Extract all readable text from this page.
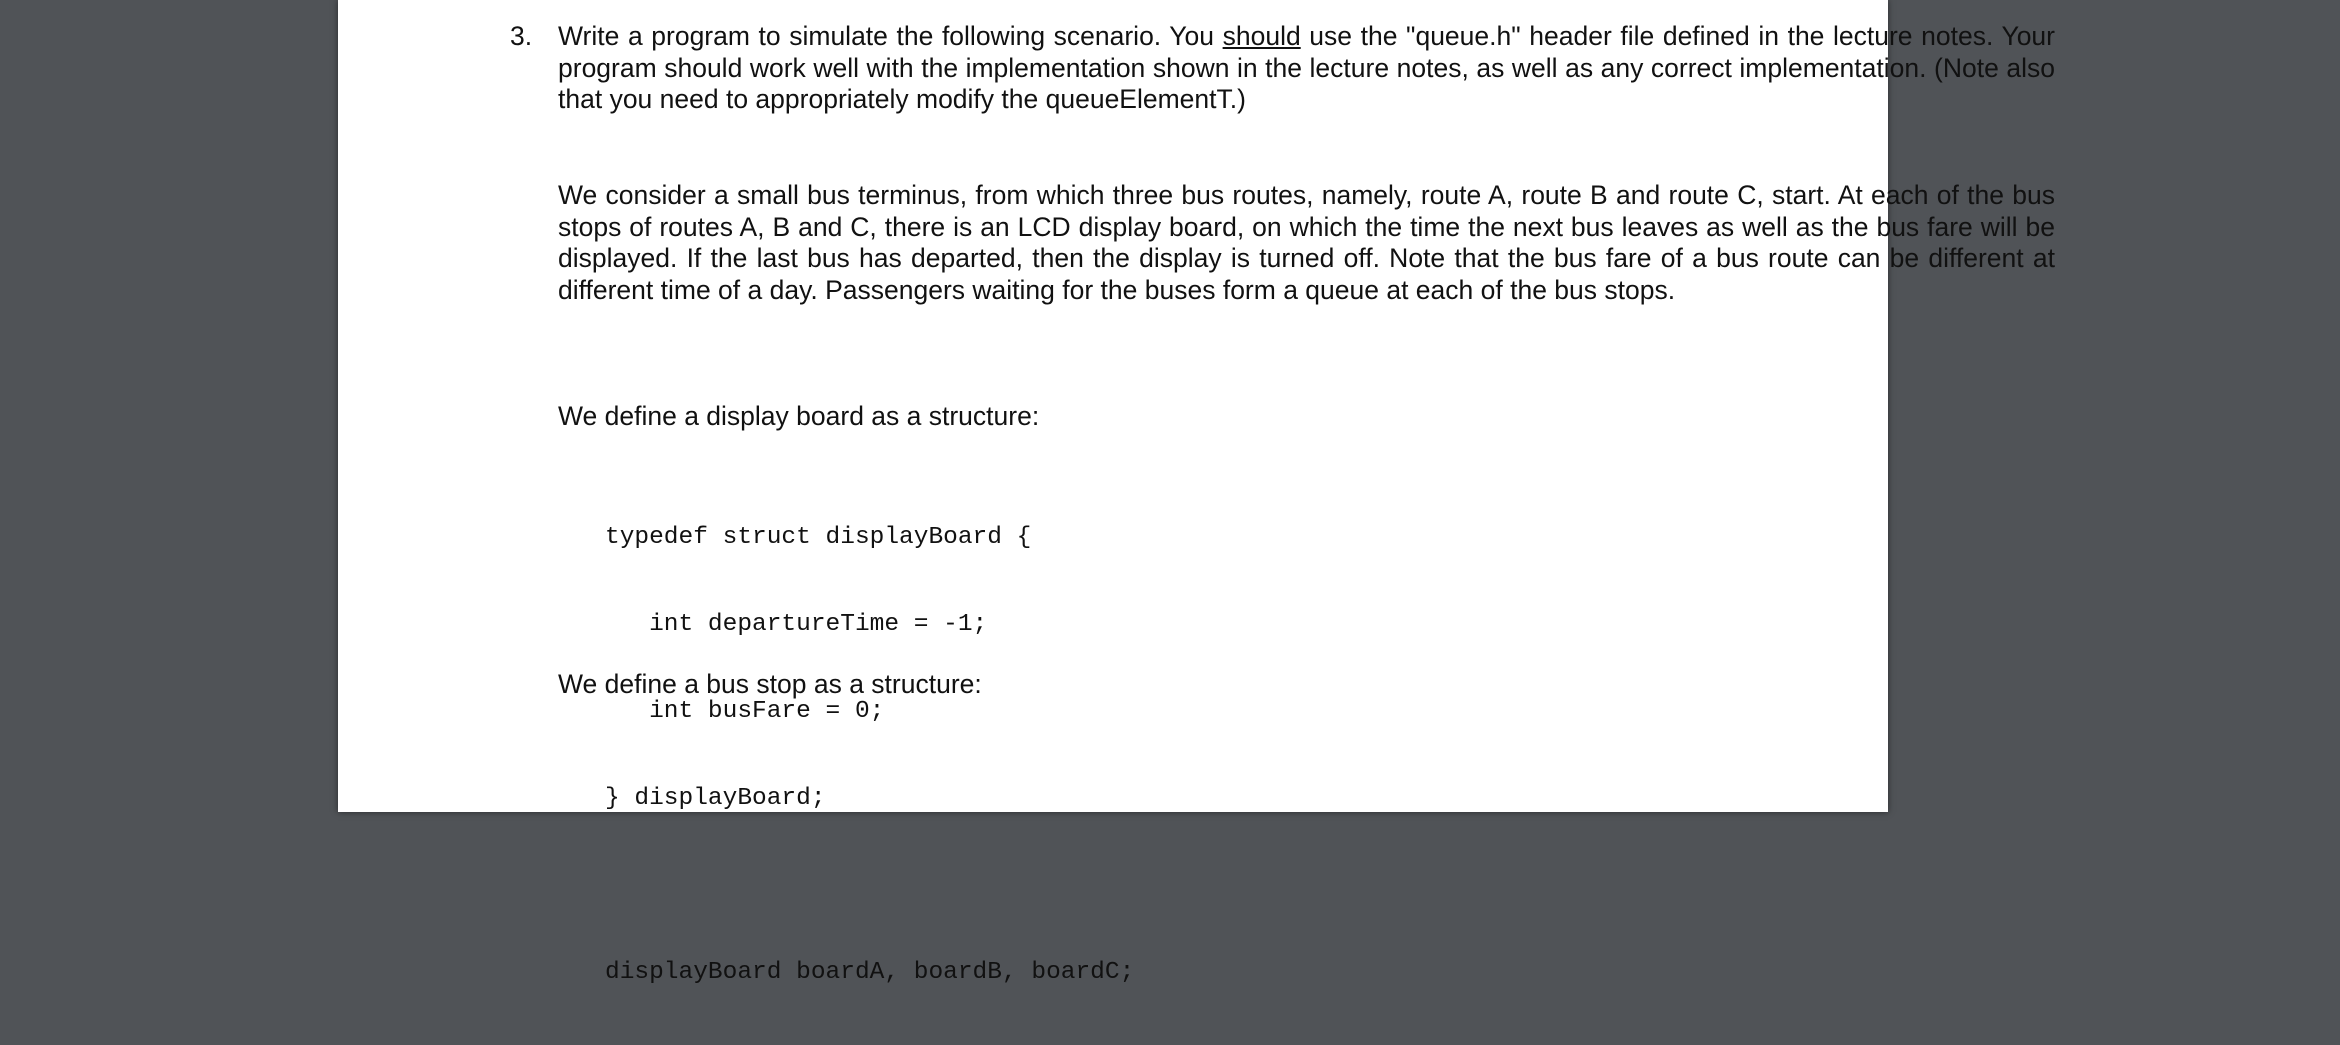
3. Write a program to simulate the following scenario. You should use the "queue.h" header file defined in the lecture notes. Your program should work well with the implementation shown in the lecture notes, as well as any correct implementation. (Note also that you need to appropriately modify the queueElementT.)

We consider a small bus terminus, from which three bus routes, namely, route A, route B and route C, start. At each of the bus stops of routes A, B and C, there is an LCD display board, on which the time the next bus leaves as well as the bus fare will be displayed. If the last bus has departed, then the display is turned off. Note that the bus fare of a bus route can be different at different time of a day. Passengers waiting for the buses form a queue at each of the bus stops.

We define a display board as a structure:

typedef struct displayBoard {

int departureTime = -1;

int busFare = 0;

} displayBoard;

displayBoard boardA, boardB, boardC;

We define a bus stop as a structure:
